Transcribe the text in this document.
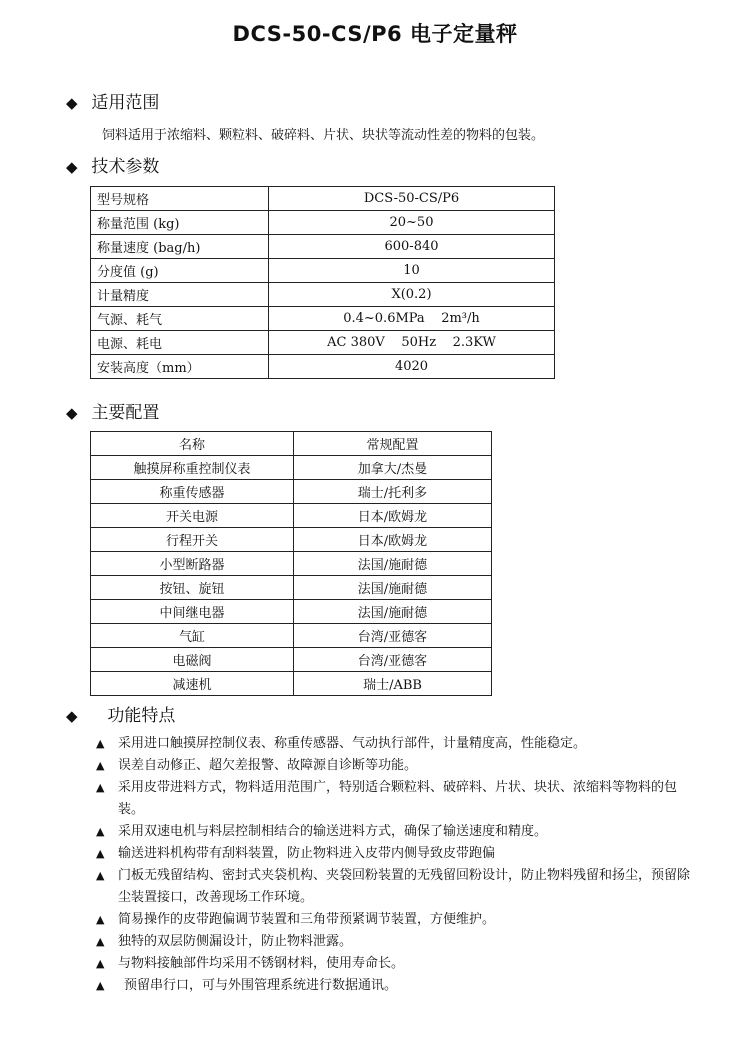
DCS-50-CS/P6 电子定量秤
◆ 适用范围
饲料适用于浓缩料、颗粒料、破碎料、片状、块状等流动性差的物料的包装。
◆ 技术参数
型号规格	DCS-50-CS/P6
称量范围 (kg)	20~50
称量速度 (bag/h)	600-840
分度值 (g)	10
计量精度	X(0.2)
气源、耗气	0.4~0.6MPa    2m³/h
电源、耗电	AC 380V    50Hz    2.3KW
安装高度（mm）	4020
◆ 主要配置
名称	常规配置
触摸屏称重控制仪表	加拿大/杰曼
称重传感器	瑞士/托利多
开关电源	日本/欧姆龙
行程开关	日本/欧姆龙
小型断路器	法国/施耐德
按钮、旋钮	法国/施耐德
中间继电器	法国/施耐德
气缸	台湾/亚德客
电磁阀	台湾/亚德客
减速机	瑞士/ABB
◆ 功能特点
▲ 采用进口触摸屏控制仪表、称重传感器、气动执行部件，计量精度高，性能稳定。
▲ 误差自动修正、超欠差报警、故障源自诊断等功能。
▲ 采用皮带进料方式，物料适用范围广，特别适合颗粒料、破碎料、片状、块状、浓缩料等物料的包装。
▲ 采用双速电机与料层控制相结合的输送进料方式，确保了输送速度和精度。
▲ 输送进料机构带有刮料装置，防止物料进入皮带内侧导致皮带跑偏
▲ 门板无残留结构、密封式夹袋机构、夹袋回粉装置的无残留回粉设计，防止物料残留和扬尘，预留除尘装置接口，改善现场工作环境。
▲ 简易操作的皮带跑偏调节装置和三角带预紧调节装置，方便维护。
▲ 独特的双层防侧漏设计，防止物料泄露。
▲ 与物料接触部件均采用不锈钢材料，使用寿命长。
▲ 预留串行口，可与外围管理系统进行数据通讯。
